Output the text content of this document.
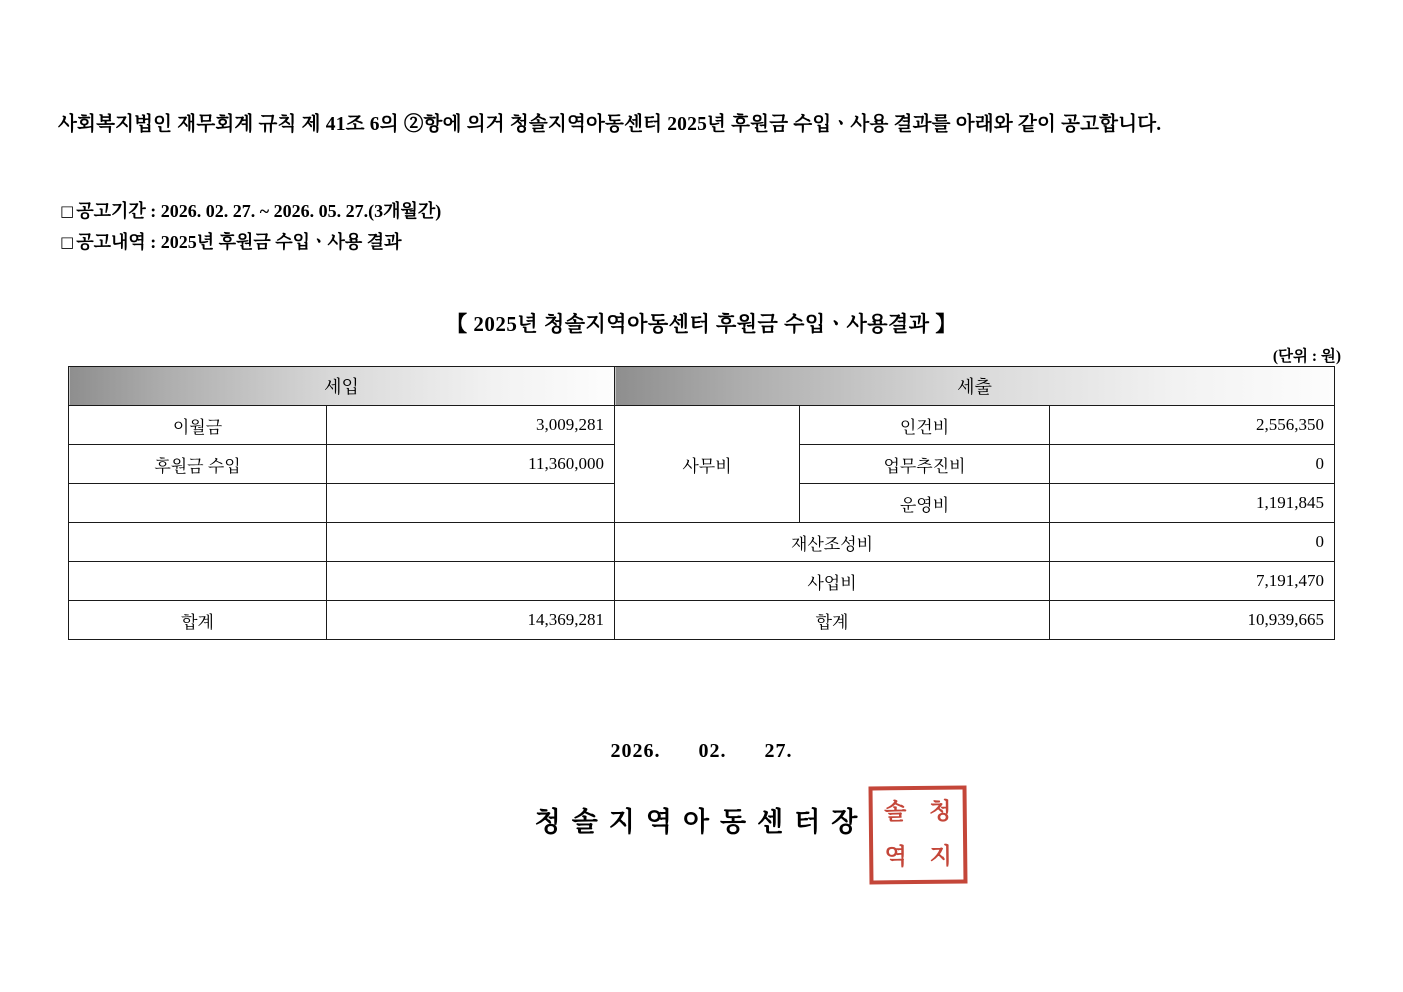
사회복지법인 재무회계 규칙 제 41조 6의 ②항에 의거 청솔지역아동센터 2025년 후원금 수입ㆍ사용 결과를 아래와 같이 공고합니다.
□ 공고기간 : 2026. 02. 27. ~ 2026. 05. 27.(3개월간)
□ 공고내역 : 2025년 후원금 수입ㆍ사용 결과
【 2025년 청솔지역아동센터 후원금 수입ㆍ사용결과 】
(단위 : 원)
세입		세출		
이월금	3,009,281	사무비	인건비	2,556,350
후원금 수입	11,360,000		업무추진비	0
			운영비	1,191,845
		재산조성비		0
		사업비		7,191,470
합계	14,369,281	합계		10,939,665
2026. 02. 27.
청솔지역아동센터장	청
솔
지
역
